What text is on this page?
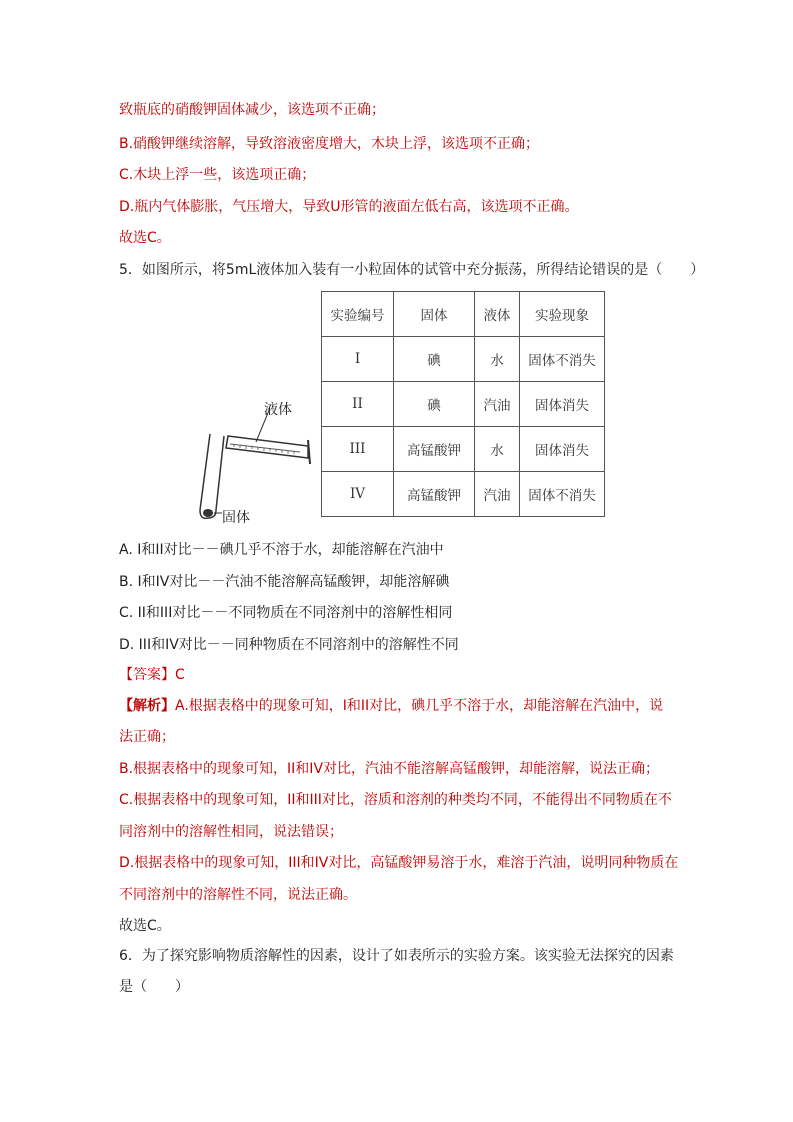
致瓶底的硝酸钾固体减少，该选项不正确；
B.硝酸钾继续溶解，导致溶液密度增大，木块上浮，该选项不正确；
C.木块上浮一些，该选项正确；
D.瓶内气体膨胀，气压增大，导致U形管的液面左低右高，该选项不正确。
故选C。
5．如图所示，将5mL液体加入装有一小粒固体的试管中充分振荡，所得结论错误的是（　　）
液体
固体
实验编号	固体	液体	实验现象
I	碘	水	固体不消失
II	碘	汽油	固体消失
III	高锰酸钾	水	固体消失
IV	高锰酸钾	汽油	固体不消失
A. I和II对比－－碘几乎不溶于水，却能溶解在汽油中
B. I和IV对比－－汽油不能溶解高锰酸钾，却能溶解碘
C. II和III对比－－不同物质在不同溶剂中的溶解性相同
D. III和IV对比－－同种物质在不同溶剂中的溶解性不同
【答案】C
【解析】A.根据表格中的现象可知，I和II对比，碘几乎不溶于水，却能溶解在汽油中，说
法正确；
B.根据表格中的现象可知，II和IV对比，汽油不能溶解高锰酸钾，却能溶解，说法正确；
C.根据表格中的现象可知，II和III对比，溶质和溶剂的种类均不同，不能得出不同物质在不
同溶剂中的溶解性相同，说法错误；
D.根据表格中的现象可知，III和IV对比，高锰酸钾易溶于水，难溶于汽油，说明同种物质在
不同溶剂中的溶解性不同，说法正确。
故选C。
6．为了探究影响物质溶解性的因素，设计了如表所示的实验方案。该实验无法探究的因素
是（　　）
